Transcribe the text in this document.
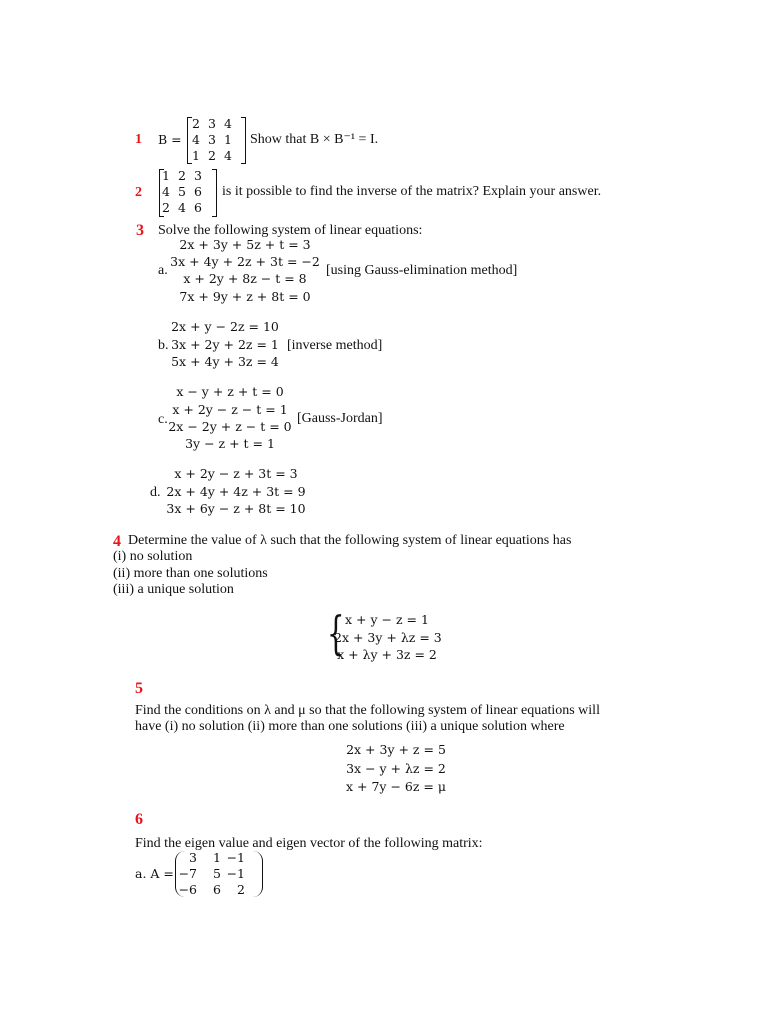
1 B =
2 3 4
4 3 1
1 2 4
Show that B × B⁻¹ = I.
2
1 2 3
4 5 6
2 4 6
is it possible to find the inverse of the matrix? Explain your answer.
3 Solve the following system of linear equations:
a.
2x + 3y + 5z + t = 3
3x + 4y + 2z + 3t = −2
x + 2y + 8z − t = 8
7x + 9y + z + 8t = 0
[using Gauss-elimination method]
b.
2x + y − 2z = 10
3x + 2y + 2z = 1
5x + 4y + 3z = 4
[inverse method]
c.
x − y + z + t = 0
x + 2y − z − t = 1
2x − 2y + z − t = 0
3y − z + t = 1
[Gauss-Jordan]
d.
x + 2y − z + 3t = 3
2x + 4y + 4z + 3t = 9
3x + 6y − z + 8t = 10
4 Determine the value of λ such that the following system of linear equations has
(i) no solution
(ii) more than one solutions
(iii) a unique solution
{ x + y − z = 1
2x + 3y + λz = 3
x + λy + 3z = 2
5
Find the conditions on λ and μ so that the following system of linear equations will
have (i) no solution (ii) more than one solutions (iii) a unique solution where
2x + 3y + z = 5
3x − y + λz = 2
x + 7y − 6z = μ
6
Find the eigen value and eigen vector of the following matrix:
a. A =
3	1 −1
−7	5 −1
−6	6	2
